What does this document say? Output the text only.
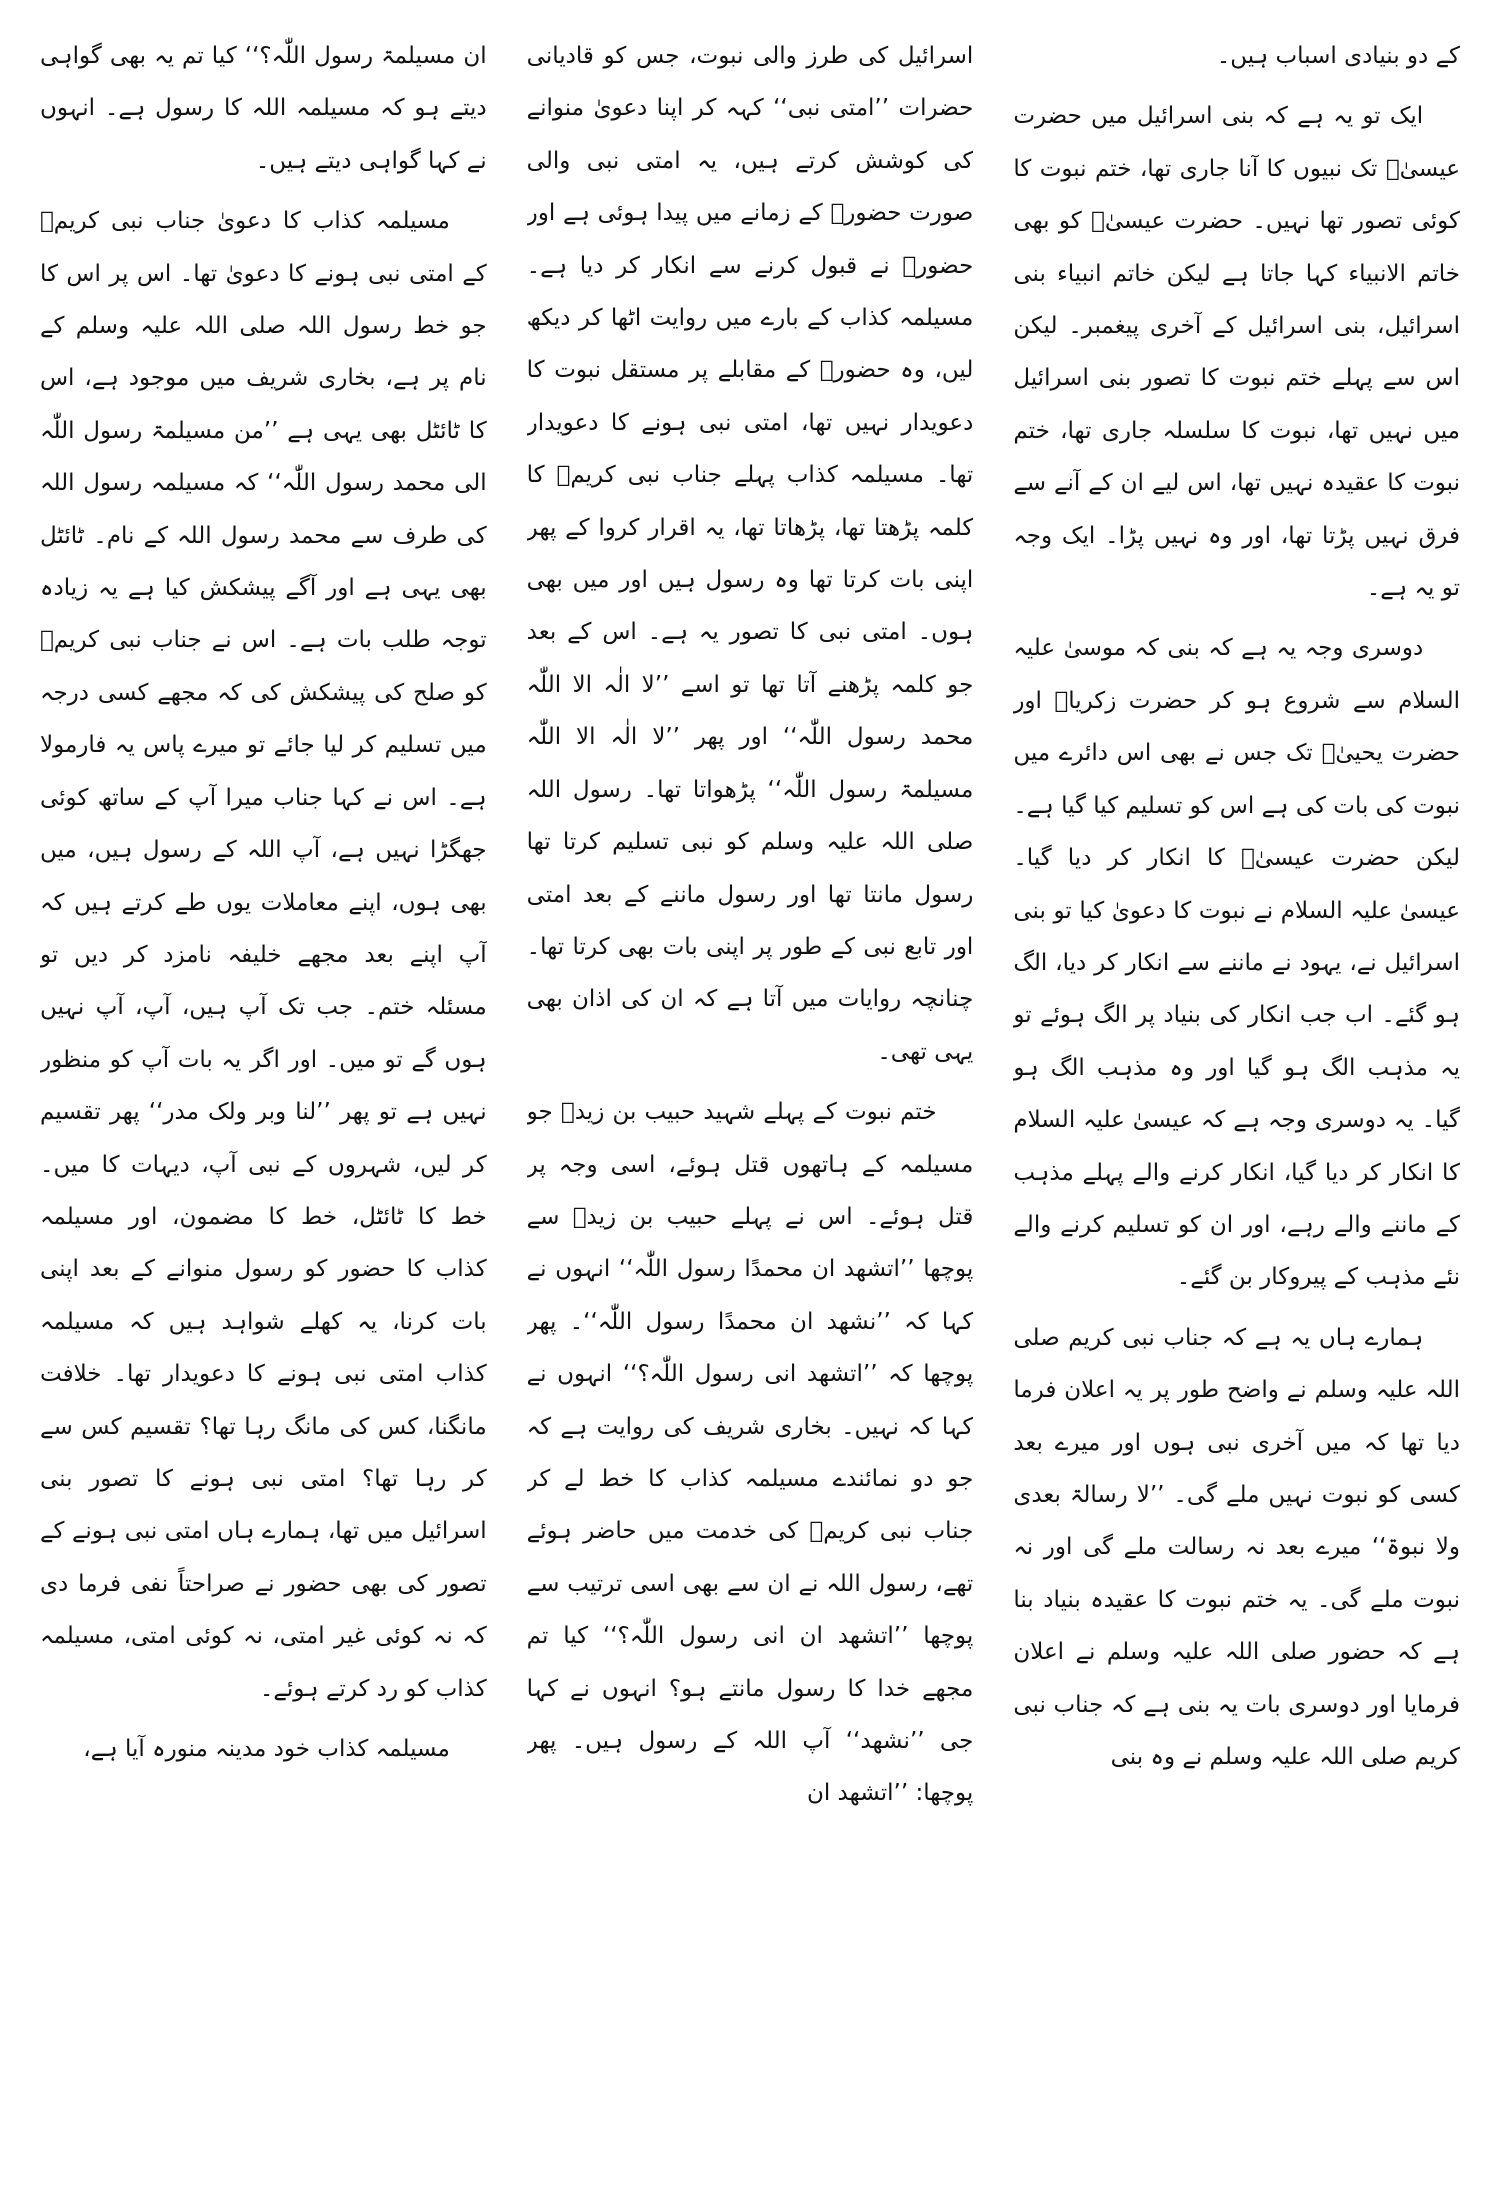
کے دو بنیادی اسباب ہیں۔

ایک تو یہ ہے کہ بنی اسرائیل میں حضرت عیسیٰؑ تک نبیوں کا آنا جاری تھا، ختم نبوت کا کوئی تصور تھا نہیں۔ حضرت عیسیٰؑ کو بھی خاتم الانبیاء کہا جاتا ہے لیکن خاتم انبیاء بنی اسرائیل، بنی اسرائیل کے آخری پیغمبر۔ لیکن اس سے پہلے ختم نبوت کا تصور بنی اسرائیل میں نہیں تھا، نبوت کا سلسلہ جاری تھا، ختم نبوت کا عقیدہ نہیں تھا، اس لیے ان کے آنے سے فرق نہیں پڑتا تھا، اور وہ نہیں پڑا۔ ایک وجہ تو یہ ہے۔

دوسری وجہ یہ ہے کہ بنی کہ موسیٰ علیہ السلام سے شروع ہو کر حضرت زکریاؑ اور حضرت یحییٰؑ تک جس نے بھی اس دائرے میں نبوت کی بات کی ہے اس کو تسلیم کیا گیا ہے۔ لیکن حضرت عیسیٰؑ کا انکار کر دیا گیا۔ عیسیٰ علیہ السلام نے نبوت کا دعویٰ کیا تو بنی اسرائیل نے، یہود نے ماننے سے انکار کر دیا، الگ ہو گئے۔ اب جب انکار کی بنیاد پر الگ ہوئے تو یہ مذہب الگ ہو گیا اور وہ مذہب الگ ہو گیا۔ یہ دوسری وجہ ہے کہ عیسیٰ علیہ السلام کا انکار کر دیا گیا، انکار کرنے والے پہلے مذہب کے ماننے والے رہے، اور ان کو تسلیم کرنے والے نئے مذہب کے پیروکار بن گئے۔

ہمارے ہاں یہ ہے کہ جناب نبی کریم صلی اللہ علیہ وسلم نے واضح طور پر یہ اعلان فرما دیا تھا کہ میں آخری نبی ہوں اور میرے بعد کسی کو نبوت نہیں ملے گی۔ ’’لا رسالۃ بعدی ولا نبوۃ‘‘ میرے بعد نہ رسالت ملے گی اور نہ نبوت ملے گی۔ یہ ختم نبوت کا عقیدہ بنیاد بنا ہے کہ حضور صلی اللہ علیہ وسلم نے اعلان فرمایا اور دوسری بات یہ بنی ہے کہ جناب نبی کریم صلی اللہ علیہ وسلم نے وہ بنی

اسرائیل کی طرز والی نبوت، جس کو قادیانی حضرات ’’امتی نبی‘‘ کہہ کر اپنا دعویٰ منوانے کی کوشش کرتے ہیں، یہ امتی نبی والی صورت حضورؐ کے زمانے میں پیدا ہوئی ہے اور حضورؐ نے قبول کرنے سے انکار کر دیا ہے۔ مسیلمہ کذاب کے بارے میں روایت اٹھا کر دیکھ لیں، وہ حضورؐ کے مقابلے پر مستقل نبوت کا دعویدار نہیں تھا، امتی نبی ہونے کا دعویدار تھا۔ مسیلمہ کذاب پہلے جناب نبی کریمؐ کا کلمہ پڑھتا تھا، پڑھاتا تھا، یہ اقرار کروا کے پھر اپنی بات کرتا تھا وہ رسول ہیں اور میں بھی ہوں۔ امتی نبی کا تصور یہ ہے۔ اس کے بعد جو کلمہ پڑھنے آتا تھا تو اسے ’’لا الٰہ الا اللّٰہ محمد رسول اللّٰہ‘‘ اور پھر ’’لا الٰہ الا اللّٰہ مسیلمۃ رسول اللّٰہ‘‘ پڑھواتا تھا۔ رسول اللہ صلی اللہ علیہ وسلم کو نبی تسلیم کرتا تھا رسول مانتا تھا اور رسول ماننے کے بعد امتی اور تابع نبی کے طور پر اپنی بات بھی کرتا تھا۔ چنانچہ روایات میں آتا ہے کہ ان کی اذان بھی یہی تھی۔

ختم نبوت کے پہلے شہید حبیب بن زیدؓ جو مسیلمہ کے ہاتھوں قتل ہوئے، اسی وجہ پر قتل ہوئے۔ اس نے پہلے حبیب بن زیدؓ سے پوچھا ’’اتشھد ان محمدًا رسول اللّٰہ‘‘ انہوں نے کہا کہ ’’نشھد ان محمدًا رسول اللّٰہ‘‘۔ پھر پوچھا کہ ’’اتشھد انی رسول اللّٰہ؟‘‘ انہوں نے کہا کہ نہیں۔ بخاری شریف کی روایت ہے کہ جو دو نمائندے مسیلمہ کذاب کا خط لے کر جناب نبی کریمؐ کی خدمت میں حاضر ہوئے تھے، رسول اللہ نے ان سے بھی اسی ترتیب سے پوچھا ’’اتشھد ان انی رسول اللّٰہ؟‘‘ کیا تم مجھے خدا کا رسول مانتے ہو؟ انہوں نے کہا جی ’’نشھد‘‘ آپ اللہ کے رسول ہیں۔ پھر پوچھا: ’’اتشھد ان

ان مسیلمۃ رسول اللّٰہ؟‘‘ کیا تم یہ بھی گواہی دیتے ہو کہ مسیلمہ اللہ کا رسول ہے۔ انہوں نے کہا گواہی دیتے ہیں۔

مسیلمہ کذاب کا دعویٰ جناب نبی کریمؐ کے امتی نبی ہونے کا دعویٰ تھا۔ اس پر اس کا جو خط رسول اللہ صلی اللہ علیہ وسلم کے نام پر ہے، بخاری شریف میں موجود ہے، اس کا ٹائٹل بھی یہی ہے ’’من مسیلمۃ رسول اللّٰہ الی محمد رسول اللّٰہ‘‘ کہ مسیلمہ رسول اللہ کی طرف سے محمد رسول اللہ کے نام۔ ٹائٹل بھی یہی ہے اور آگے پیشکش کیا ہے یہ زیادہ توجہ طلب بات ہے۔ اس نے جناب نبی کریمؐ کو صلح کی پیشکش کی کہ مجھے کسی درجہ میں تسلیم کر لیا جائے تو میرے پاس یہ فارمولا ہے۔ اس نے کہا جناب میرا آپ کے ساتھ کوئی جھگڑا نہیں ہے، آپ اللہ کے رسول ہیں، میں بھی ہوں، اپنے معاملات یوں طے کرتے ہیں کہ آپ اپنے بعد مجھے خلیفہ نامزد کر دیں تو مسئلہ ختم۔ جب تک آپ ہیں، آپ، آپ نہیں ہوں گے تو میں۔ اور اگر یہ بات آپ کو منظور نہیں ہے تو پھر ’’لنا وبر ولک مدر‘‘ پھر تقسیم کر لیں، شہروں کے نبی آپ، دیہات کا میں۔ خط کا ٹائٹل، خط کا مضمون، اور مسیلمہ کذاب کا حضور کو رسول منوانے کے بعد اپنی بات کرنا، یہ کھلے شواہد ہیں کہ مسیلمہ کذاب امتی نبی ہونے کا دعویدار تھا۔ خلافت مانگنا، کس کی مانگ رہا تھا؟ تقسیم کس سے کر رہا تھا؟ امتی نبی ہونے کا تصور بنی اسرائیل میں تھا، ہمارے ہاں امتی نبی ہونے کے تصور کی بھی حضور نے صراحتاً نفی فرما دی کہ نہ کوئی غیر امتی، نہ کوئی امتی، مسیلمہ کذاب کو رد کرتے ہوئے۔

مسیلمہ کذاب خود مدینہ منورہ آیا ہے،
